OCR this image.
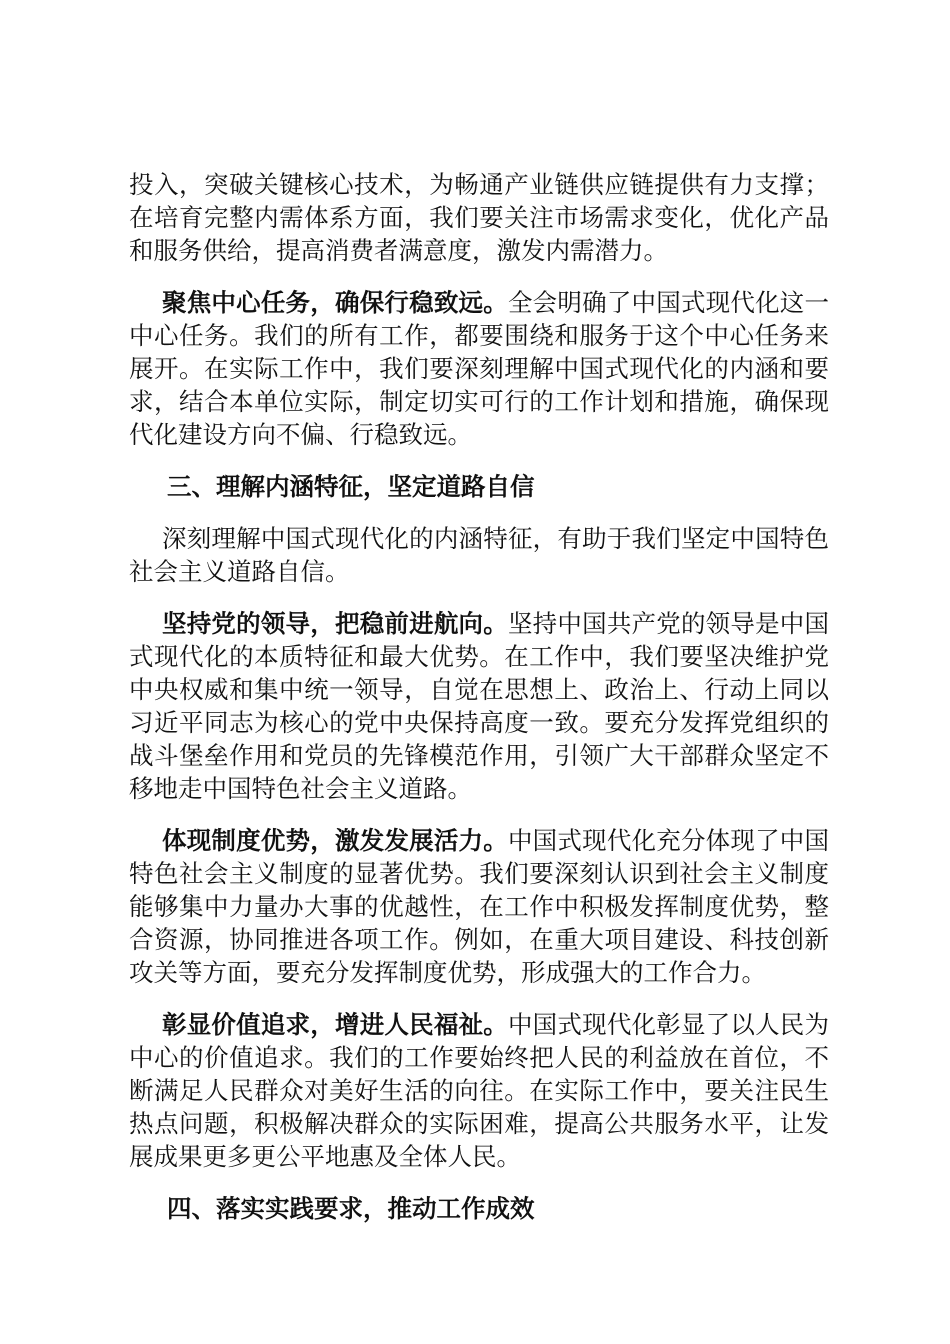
投入，突破关键核心技术，为畅通产业链供应链提供有力支撑；在培育完整内需体系方面，我们要关注市场需求变化，优化产品和服务供给，提高消费者满意度，激发内需潜力。

聚焦中心任务，确保行稳致远。全会明确了中国式现代化这一中心任务。我们的所有工作，都要围绕和服务于这个中心任务来展开。在实际工作中，我们要深刻理解中国式现代化的内涵和要求，结合本单位实际，制定切实可行的工作计划和措施，确保现代化建设方向不偏、行稳致远。

三、理解内涵特征，坚定道路自信

深刻理解中国式现代化的内涵特征，有助于我们坚定中国特色社会主义道路自信。

坚持党的领导，把稳前进航向。坚持中国共产党的领导是中国式现代化的本质特征和最大优势。在工作中，我们要坚决维护党中央权威和集中统一领导，自觉在思想上、政治上、行动上同以习近平同志为核心的党中央保持高度一致。要充分发挥党组织的战斗堡垒作用和党员的先锋模范作用，引领广大干部群众坚定不移地走中国特色社会主义道路。

体现制度优势，激发发展活力。中国式现代化充分体现了中国特色社会主义制度的显著优势。我们要深刻认识到社会主义制度能够集中力量办大事的优越性，在工作中积极发挥制度优势，整合资源，协同推进各项工作。例如，在重大项目建设、科技创新攻关等方面，要充分发挥制度优势，形成强大的工作合力。

彰显价值追求，增进人民福祉。中国式现代化彰显了以人民为中心的价值追求。我们的工作要始终把人民的利益放在首位，不断满足人民群众对美好生活的向往。在实际工作中，要关注民生热点问题，积极解决群众的实际困难，提高公共服务水平，让发展成果更多更公平地惠及全体人民。

四、落实实践要求，推动工作成效
